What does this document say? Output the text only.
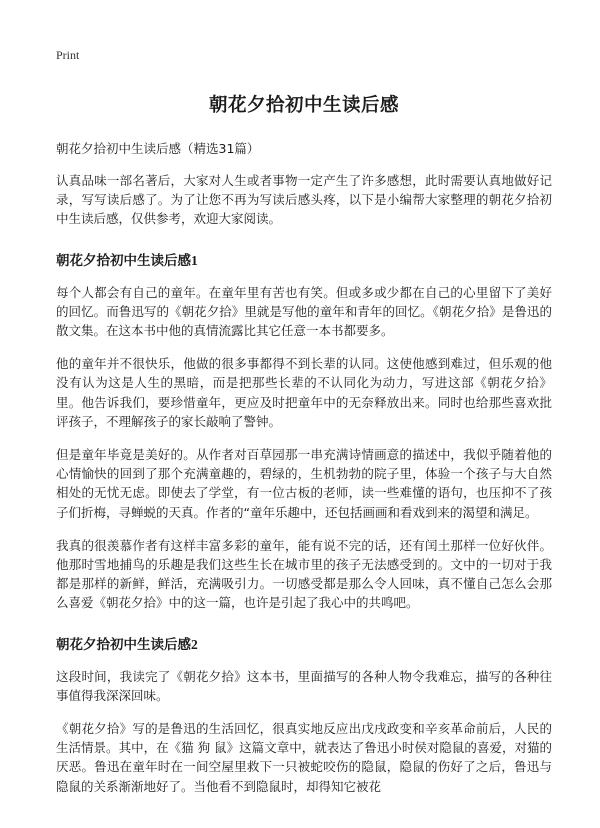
Print
朝花夕拾初中生读后感

朝花夕拾初中生读后感（精选31篇）

认真品味一部名著后，大家对人生或者事物一定产生了许多感想，此时需要认真地做好记录，写写读后感了。为了让您不再为写读后感头疼，以下是小编帮大家整理的朝花夕拾初中生读后感，仅供参考，欢迎大家阅读。

朝花夕拾初中生读后感1

每个人都会有自己的童年。在童年里有苦也有笑。但或多或少都在自己的心里留下了美好的回忆。而鲁迅写的《朝花夕拾》里就是写他的童年和青年的回忆。《朝花夕拾》是鲁迅的散文集。在这本书中他的真情流露比其它任意一本书都要多。

他的童年并不很快乐，他做的很多事都得不到长辈的认同。这使他感到难过，但乐观的他没有认为这是人生的黑暗，而是把那些长辈的不认同化为动力，写进这部《朝花夕拾》里。他告诉我们，要珍惜童年，更应及时把童年中的无奈释放出来。同时也给那些喜欢批评孩子，不理解孩子的家长敲响了警钟。

但是童年毕竟是美好的。从作者对百草园那一串充满诗情画意的描述中，我似乎随着他的心情愉快的回到了那个充满童趣的，碧绿的，生机勃勃的院子里，体验一个孩子与大自然相处的无忧无虑。即使去了学堂，有一位古板的老师，读一些难懂的语句，也压抑不了孩子们折梅，寻蝉蜕的天真。作者的“童年乐趣中，还包括画画和看戏到来的渴望和满足。

我真的很羡慕作者有这样丰富多彩的童年，能有说不完的话，还有闰土那样一位好伙伴。他那时雪地捕鸟的乐趣是我们这些生长在城市里的孩子无法感受到的。文中的一切对于我都是那样的新鲜，鲜活，充满吸引力。一切感受都是那么令人回味，真不懂自己怎么会那么喜爱《朝花夕拾》中的这一篇，也许是引起了我心中的共鸣吧。

朝花夕拾初中生读后感2

这段时间，我读完了《朝花夕拾》这本书，里面描写的各种人物令我难忘，描写的各种往事值得我深深回味。

《朝花夕拾》写的是鲁迅的生活回忆，很真实地反应出戊戌政变和辛亥革命前后，人民的生活情景。其中，在《猫 狗 鼠》这篇文章中，就表达了鲁迅小时侯对隐鼠的喜爱，对猫的厌恶。鲁迅在童年时在一间空屋里救下一只被蛇咬伤的隐鼠，隐鼠的伤好了之后，鲁迅与隐鼠的关系渐渐地好了。当他看不到隐鼠时，却得知它被花
